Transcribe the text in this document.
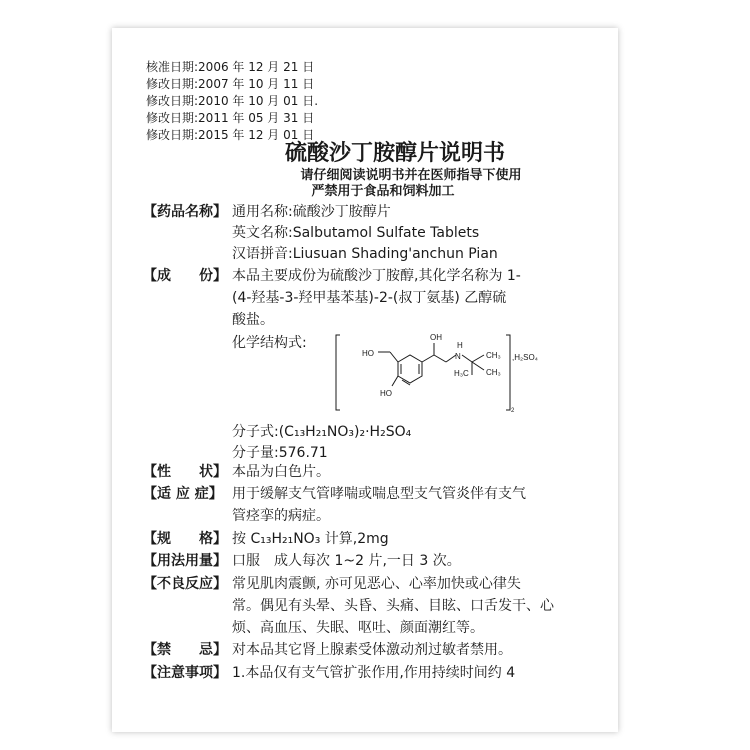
核准日期:2006 年 12 月 21 日
修改日期:2007 年 10 月 11 日
修改日期:2010 年 10 月 01 日.
修改日期:2011 年 05 月 31 日
修改日期:2015 年 12 月 01 日
硫酸沙丁胺醇片说明书
请仔细阅读说明书并在医师指导下使用
严禁用于食品和饲料加工
【药品名称】 通用名称:硫酸沙丁胺醇片
英文名称:Salbutamol Sulfate Tablets
汉语拼音:Liusuan Shading'anchun Pian
【成　　份】 本品主要成份为硫酸沙丁胺醇,其化学名称为 1-
(4-羟基-3-羟甲基苯基)-2-(叔丁氨基) 乙醇硫
酸盐。
化学结构式:	OH
H
N	CH₃
CH₃
H₃C
HO
HO
2
,H₂SO₄
分子式:(C₁₃H₂₁NO₃)₂·H₂SO₄
分子量:576.71
【性　　状】 本品为白色片。
【适 应 症】 用于缓解支气管哮喘或喘息型支气管炎伴有支气
管痉挛的病症。
【规　　格】 按 C₁₃H₂₁NO₃ 计算,2mg
【用法用量】 口服　成人每次 1~2 片,一日 3 次。
【不良反应】 常见肌肉震颤, 亦可见恶心、心率加快或心律失
常。偶见有头晕、头昏、头痛、目眩、口舌发干、心
烦、高血压、失眠、呕吐、颜面潮红等。
【禁　　忌】 对本品其它肾上腺素受体激动剂过敏者禁用。
【注意事项】 1.本品仅有支气管扩张作用,作用持续时间约 4
